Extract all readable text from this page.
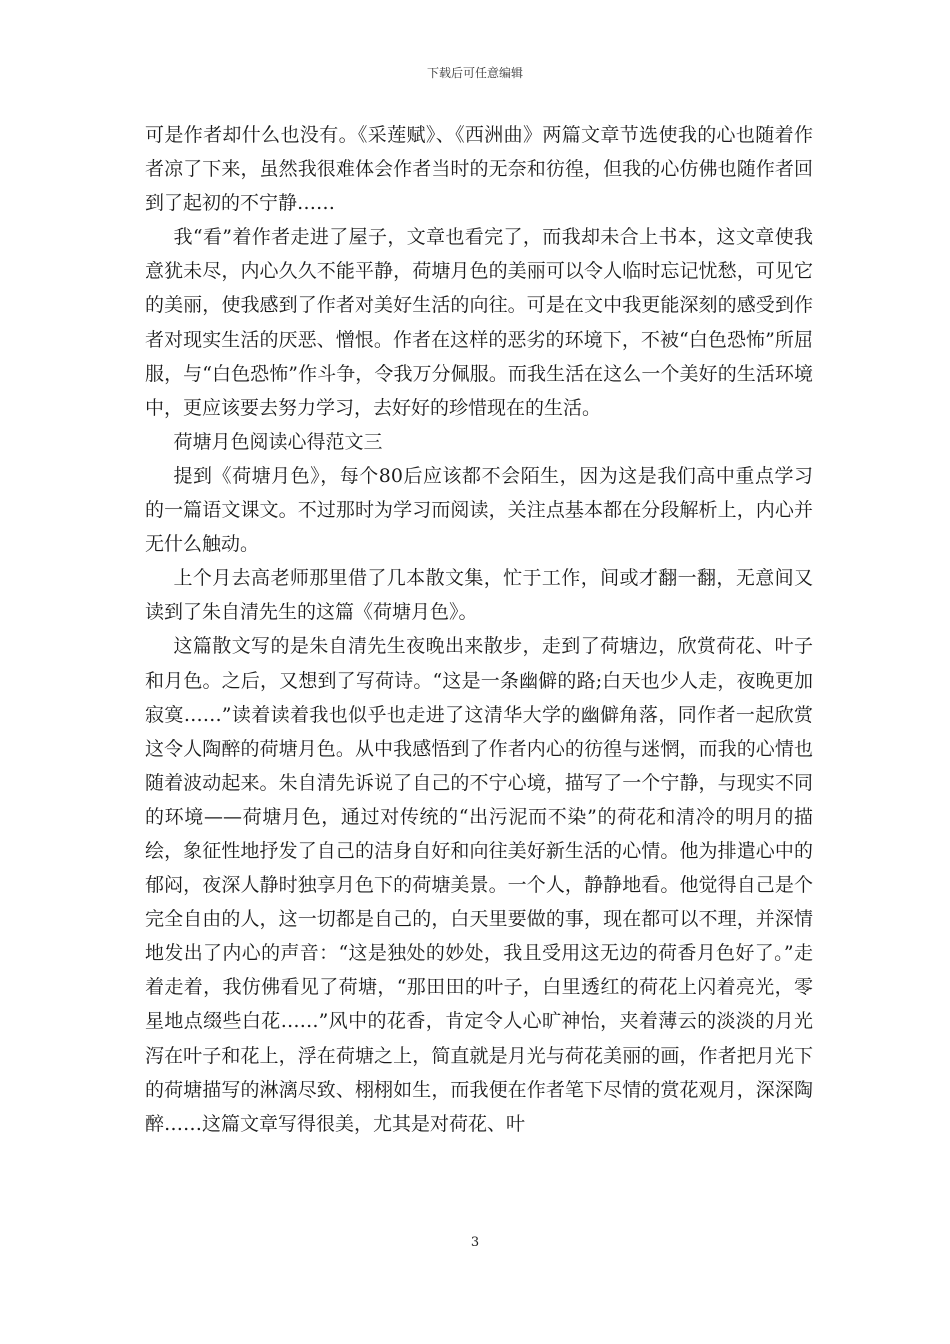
下载后可任意编辑

可是作者却什么也没有。《采莲赋》、《西洲曲》两篇文章节选使我的心也随着作者凉了下来，虽然我很难体会作者当时的无奈和彷徨，但我的心仿佛也随作者回到了起初的不宁静……

我“看”着作者走进了屋子，文章也看完了，而我却未合上书本，这文章使我意犹未尽，内心久久不能平静，荷塘月色的美丽可以令人临时忘记忧愁，可见它的美丽，使我感到了作者对美好生活的向往。可是在文中我更能深刻的感受到作者对现实生活的厌恶、憎恨。作者在这样的恶劣的环境下，不被“白色恐怖”所屈服，与“白色恐怖”作斗争，令我万分佩服。而我生活在这么一个美好的生活环境中，更应该要去努力学习，去好好的珍惜现在的生活。

荷塘月色阅读心得范文三

提到《荷塘月色》，每个80后应该都不会陌生，因为这是我们高中重点学习的一篇语文课文。不过那时为学习而阅读，关注点基本都在分段解析上，内心并无什么触动。

上个月去高老师那里借了几本散文集，忙于工作，间或才翻一翻，无意间又读到了朱自清先生的这篇《荷塘月色》。

这篇散文写的是朱自清先生夜晚出来散步，走到了荷塘边，欣赏荷花、叶子和月色。之后，又想到了写荷诗。“这是一条幽僻的路;白天也少人走，夜晚更加寂寞……”读着读着我也似乎也走进了这清华大学的幽僻角落，同作者一起欣赏这令人陶醉的荷塘月色。从中我感悟到了作者内心的彷徨与迷惘，而我的心情也随着波动起来。朱自清先诉说了自己的不宁心境，描写了一个宁静，与现实不同的环境——荷塘月色，通过对传统的“出污泥而不染”的荷花和清冷的明月的描绘，象征性地抒发了自己的洁身自好和向往美好新生活的心情。他为排遣心中的郁闷，夜深人静时独享月色下的荷塘美景。一个人，静静地看。他觉得自己是个完全自由的人，这一切都是自己的，白天里要做的事，现在都可以不理，并深情地发出了内心的声音：“这是独处的妙处，我且受用这无边的荷香月色好了。”走着走着，我仿佛看见了荷塘，“那田田的叶子，白里透红的荷花上闪着亮光，零星地点缀些白花……”风中的花香，肯定令人心旷神怡，夹着薄云的淡淡的月光泻在叶子和花上，浮在荷塘之上，简直就是月光与荷花美丽的画，作者把月光下的荷塘描写的淋漓尽致、栩栩如生，而我便在作者笔下尽情的赏花观月，深深陶醉……这篇文章写得很美，尤其是对荷花、叶

3
